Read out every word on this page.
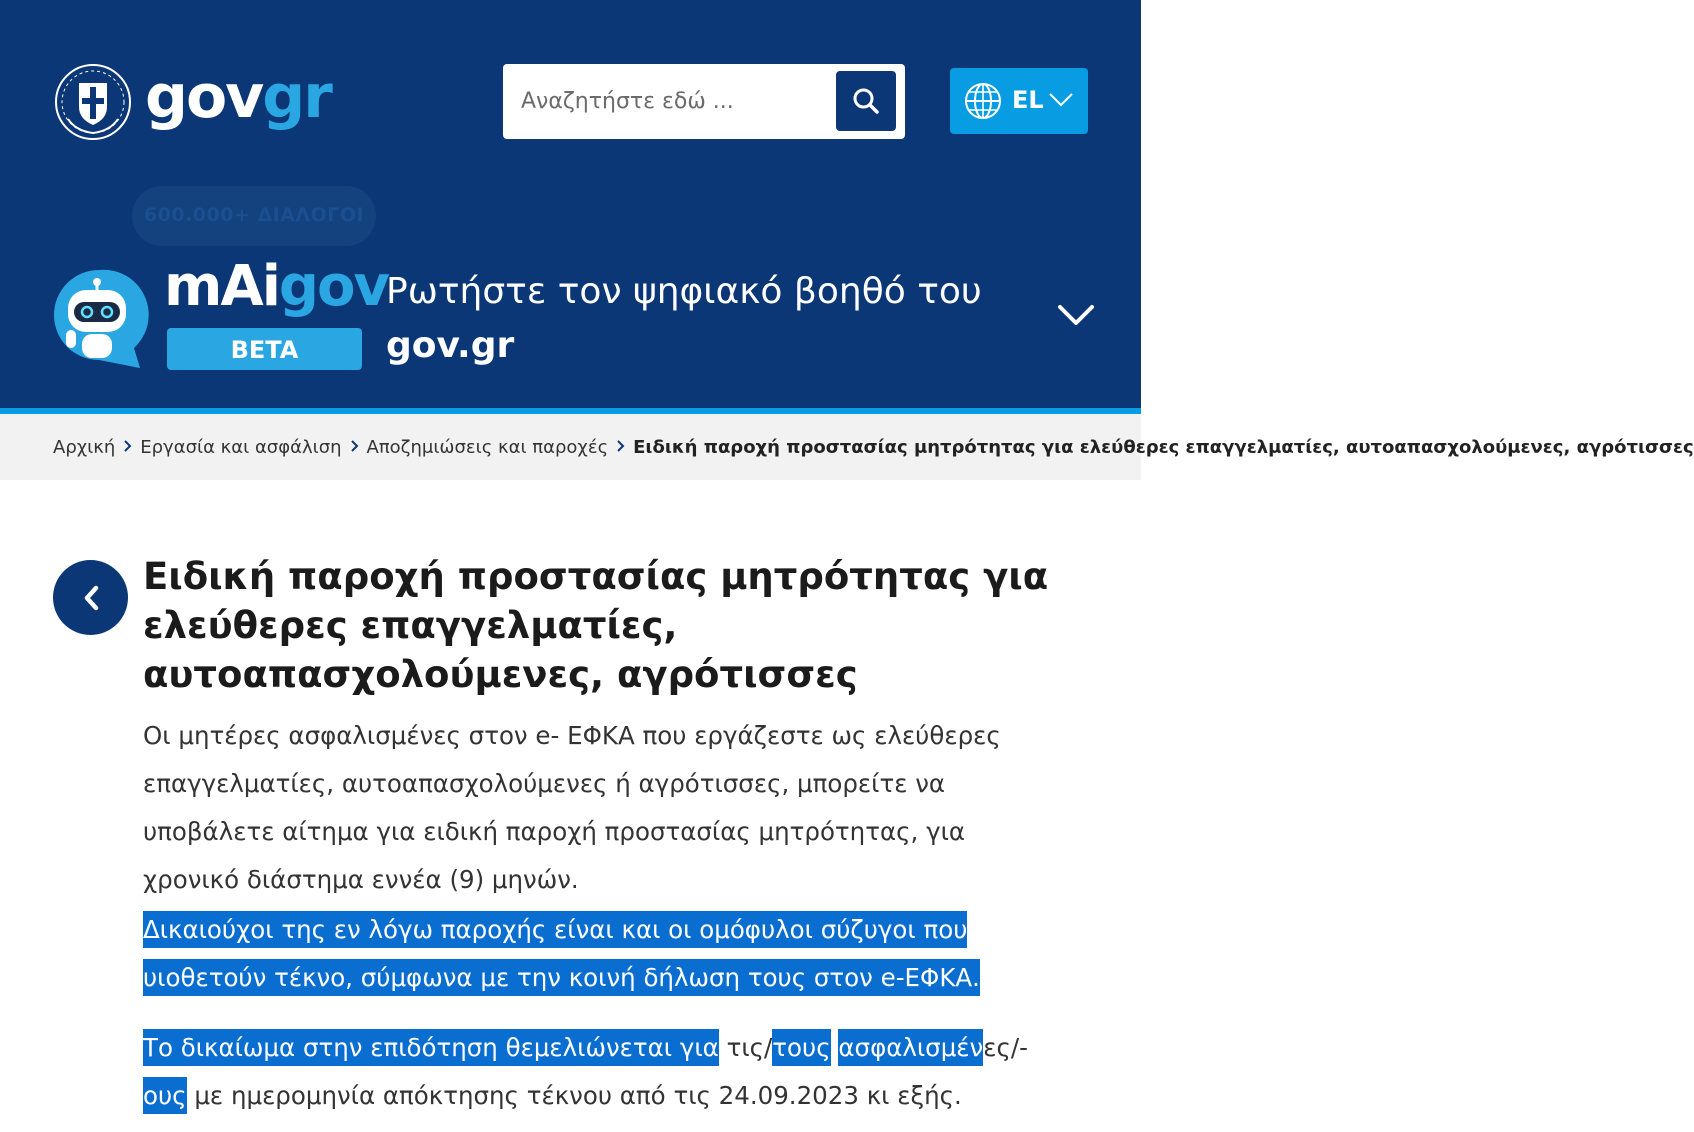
govgr
Αναζητήστε εδώ ...	EL
600.000+ ΔΙΑΛΟΓΟΙ
mAigov
BETA
Ρωτήστε τον ψηφιακό βοηθό του
gov.gr
Αρχική Εργασία και ασφάλιση Αποζημιώσεις και παροχές Ειδική παροχή προστασίας μητρότητας για ελεύθερες επαγγελματίες, αυτοαπασχολούμενες, αγρότισσες
Ειδική παροχή προστασίας μητρότητας για ελεύθερες επαγγελματίες, αυτοαπασχολούμενες, αγρότισσες

Οι μητέρες ασφαλισμένες στον e- ΕΦΚΑ που εργάζεστε ως ελεύθερες επαγγελματίες, αυτοαπασχολούμενες ή αγρότισσες, μπορείτε να υποβάλετε αίτημα για ειδική παροχή προστασίας μητρότητας, για χρονικό διάστημα εννέα (9) μηνών.

Δικαιούχοι της εν λόγω παροχής είναι και οι ομόφυλοι σύζυγοι που υιοθετούν τέκνο, σύμφωνα με την κοινή δήλωση τους στον e-ΕΦΚΑ.

Το δικαίωμα στην επιδότηση θεμελιώνεται για τις/τους ασφαλισμένες/-
ους με ημερομηνία απόκτησης τέκνου από τις 24.09.2023 κι εξής.
